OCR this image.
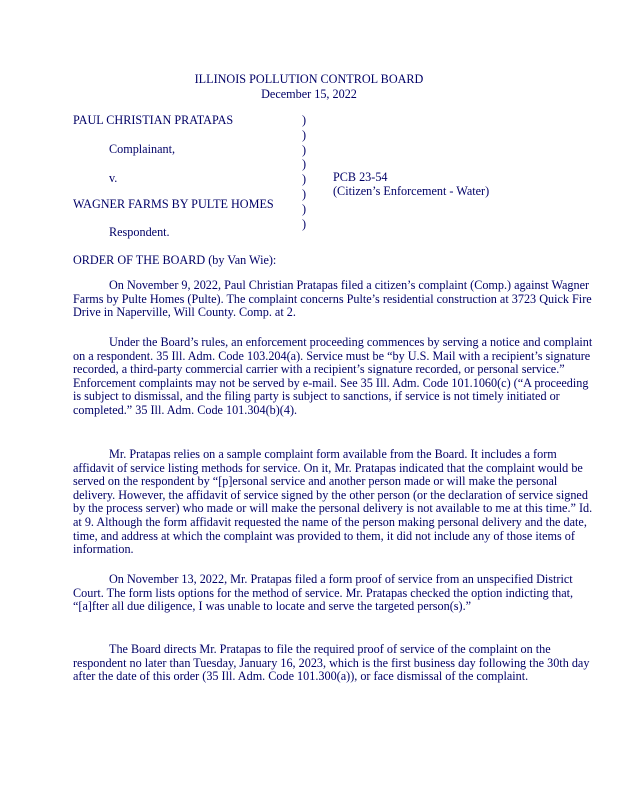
ILLINOIS POLLUTION CONTROL BOARD
December 15, 2022
PAUL CHRISTIAN PRATAPAS
Complainant,
v.
WAGNER FARMS BY PULTE HOMES
Respondent.
)
)
)
)
)
)
)
)
PCB 23-54
(Citizen’s Enforcement - Water)
ORDER OF THE BOARD (by Van Wie):

On November 9, 2022, Paul Christian Pratapas filed a citizen’s complaint (Comp.) against Wagner Farms by Pulte Homes (Pulte). The complaint concerns Pulte’s residential construction at 3723 Quick Fire Drive in Naperville, Will County. Comp. at 2.

Under the Board’s rules, an enforcement proceeding commences by serving a notice and complaint on a respondent. 35 Ill. Adm. Code 103.204(a). Service must be “by U.S. Mail with a recipient’s signature recorded, a third-party commercial carrier with a recipient’s signature recorded, or personal service.” Enforcement complaints may not be served by e-mail. See 35 Ill. Adm. Code 101.1060(c) (“A proceeding is subject to dismissal, and the filing party is subject to sanctions, if service is not timely initiated or completed.” 35 Ill. Adm. Code 101.304(b)(4).

Mr. Pratapas relies on a sample complaint form available from the Board. It includes a form affidavit of service listing methods for service. On it, Mr. Pratapas indicated that the complaint would be served on the respondent by “[p]ersonal service and another person made or will make the personal delivery. However, the affidavit of service signed by the other person (or the declaration of service signed by the process server) who made or will make the personal delivery is not available to me at this time.” Id. at 9. Although the form affidavit requested the name of the person making personal delivery and the date, time, and address at which the complaint was provided to them, it did not include any of those items of information.

On November 13, 2022, Mr. Pratapas filed a form proof of service from an unspecified District Court. The form lists options for the method of service. Mr. Pratapas checked the option indicting that, “[a]fter all due diligence, I was unable to locate and serve the targeted person(s).”

The Board directs Mr. Pratapas to file the required proof of service of the complaint on the respondent no later than Tuesday, January 16, 2023, which is the first business day following the 30th day after the date of this order (35 Ill. Adm. Code 101.300(a)), or face dismissal of the complaint.
